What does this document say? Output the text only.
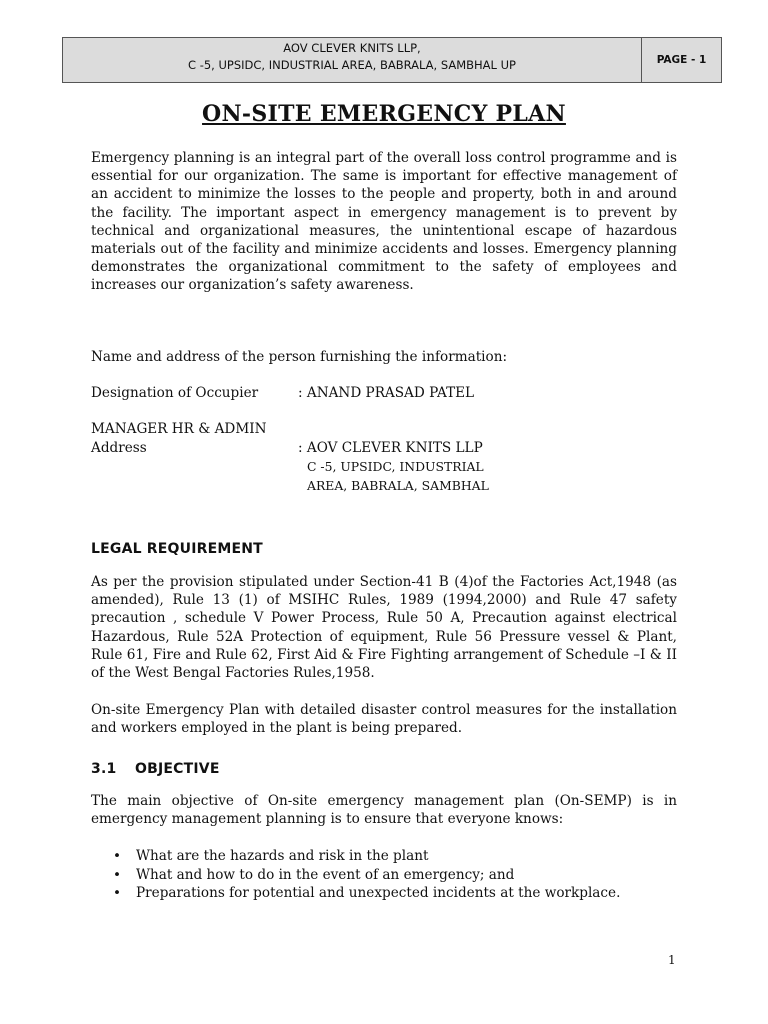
AOV CLEVER KNITS LLP,
C -5, UPSIDC, INDUSTRIAL AREA, BABRALA, SAMBHAL UP	PAGE - 1
ON-SITE EMERGENCY PLAN

Emergency planning is an integral part of the overall loss control programme and is essential for our organization. The same is important for effective management of an accident to minimize the losses to the people and property, both in and around the facility. The important aspect in emergency management is to prevent by technical and organizational measures, the unintentional escape of hazardous materials out of the facility and minimize accidents and losses. Emergency planning demonstrates the organizational commitment to the safety of employees and increases our organization’s safety awareness.

Name and address of the person furnishing the information:
Designation of Occupier	: ANAND PRASAD PATEL
MANAGER HR & ADMIN
Address	: AOV CLEVER KNITS LLP
C -5, UPSIDC, INDUSTRIAL
AREA, BABRALA, SAMBHAL
LEGAL REQUIREMENT

As per the provision stipulated under Section-41 B (4)of the Factories Act,1948 (as amended), Rule 13 (1) of MSIHC Rules, 1989 (1994,2000) and Rule 47 safety precaution , schedule V Power Process, Rule 50 A, Precaution against electrical Hazardous, Rule 52A Protection of equipment, Rule 56 Pressure vessel & Plant, Rule 61, Fire and Rule 62, First Aid & Fire Fighting arrangement of Schedule –I & II of the West Bengal Factories Rules,1958.

On-site Emergency Plan with detailed disaster control measures for the installation and workers employed in the plant is being prepared.

3.1 OBJECTIVE

The main objective of On-site emergency management plan (On-SEMP) is in emergency management planning is to ensure that everyone knows:

• What are the hazards and risk in the plant
• What and how to do in the event of an emergency; and
• Preparations for potential and unexpected incidents at the workplace.
1
